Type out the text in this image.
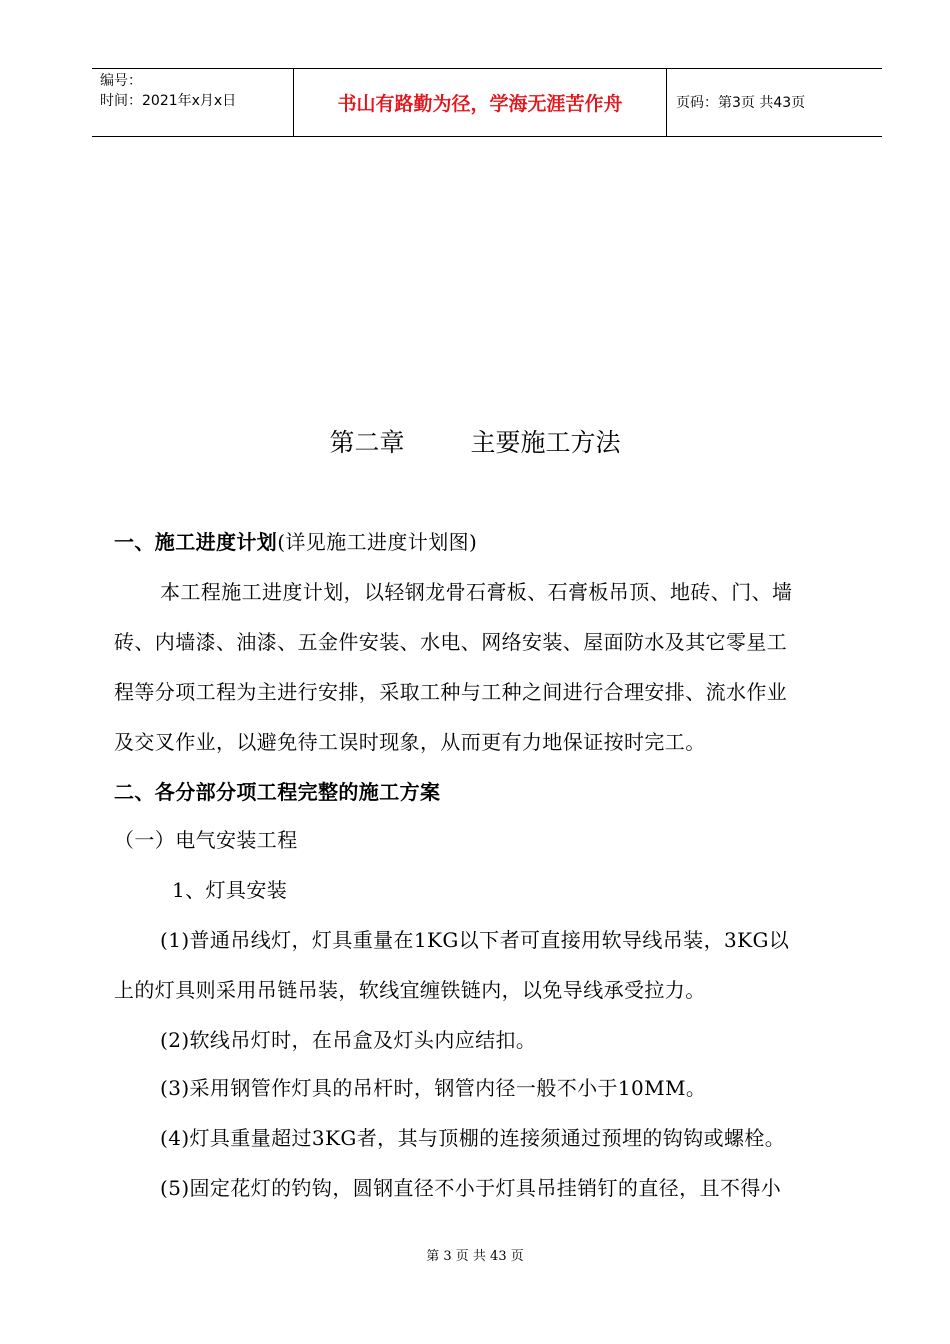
编号：
时间：2021年x月x日	书山有路勤为径，学海无涯苦作舟	页码：第3页 共43页
第二章	主要施工方法
一、施工进度计划(详见施工进度计划图)
本工程施工进度计划，以轻钢龙骨石膏板、石膏板吊顶、地砖、门、墙
砖、内墙漆、油漆、五金件安装、水电、网络安装、屋面防水及其它零星工
程等分项工程为主进行安排，采取工种与工种之间进行合理安排、流水作业
及交叉作业，以避免待工误时现象，从而更有力地保证按时完工。
二、各分部分项工程完整的施工方案
（一）电气安装工程
1、灯具安装
(1)普通吊线灯，灯具重量在1KG以下者可直接用软导线吊装，3KG以
上的灯具则采用吊链吊装，软线宜缠铁链内，以免导线承受拉力。
(2)软线吊灯时，在吊盒及灯头内应结扣。
(3)采用钢管作灯具的吊杆时，钢管内径一般不小于10MM。
(4)灯具重量超过3KG者，其与顶棚的连接须通过预埋的钩钩或螺栓。
(5)固定花灯的钓钩，圆钢直径不小于灯具吊挂销钉的直径，且不得小
第 3 页 共 43 页
